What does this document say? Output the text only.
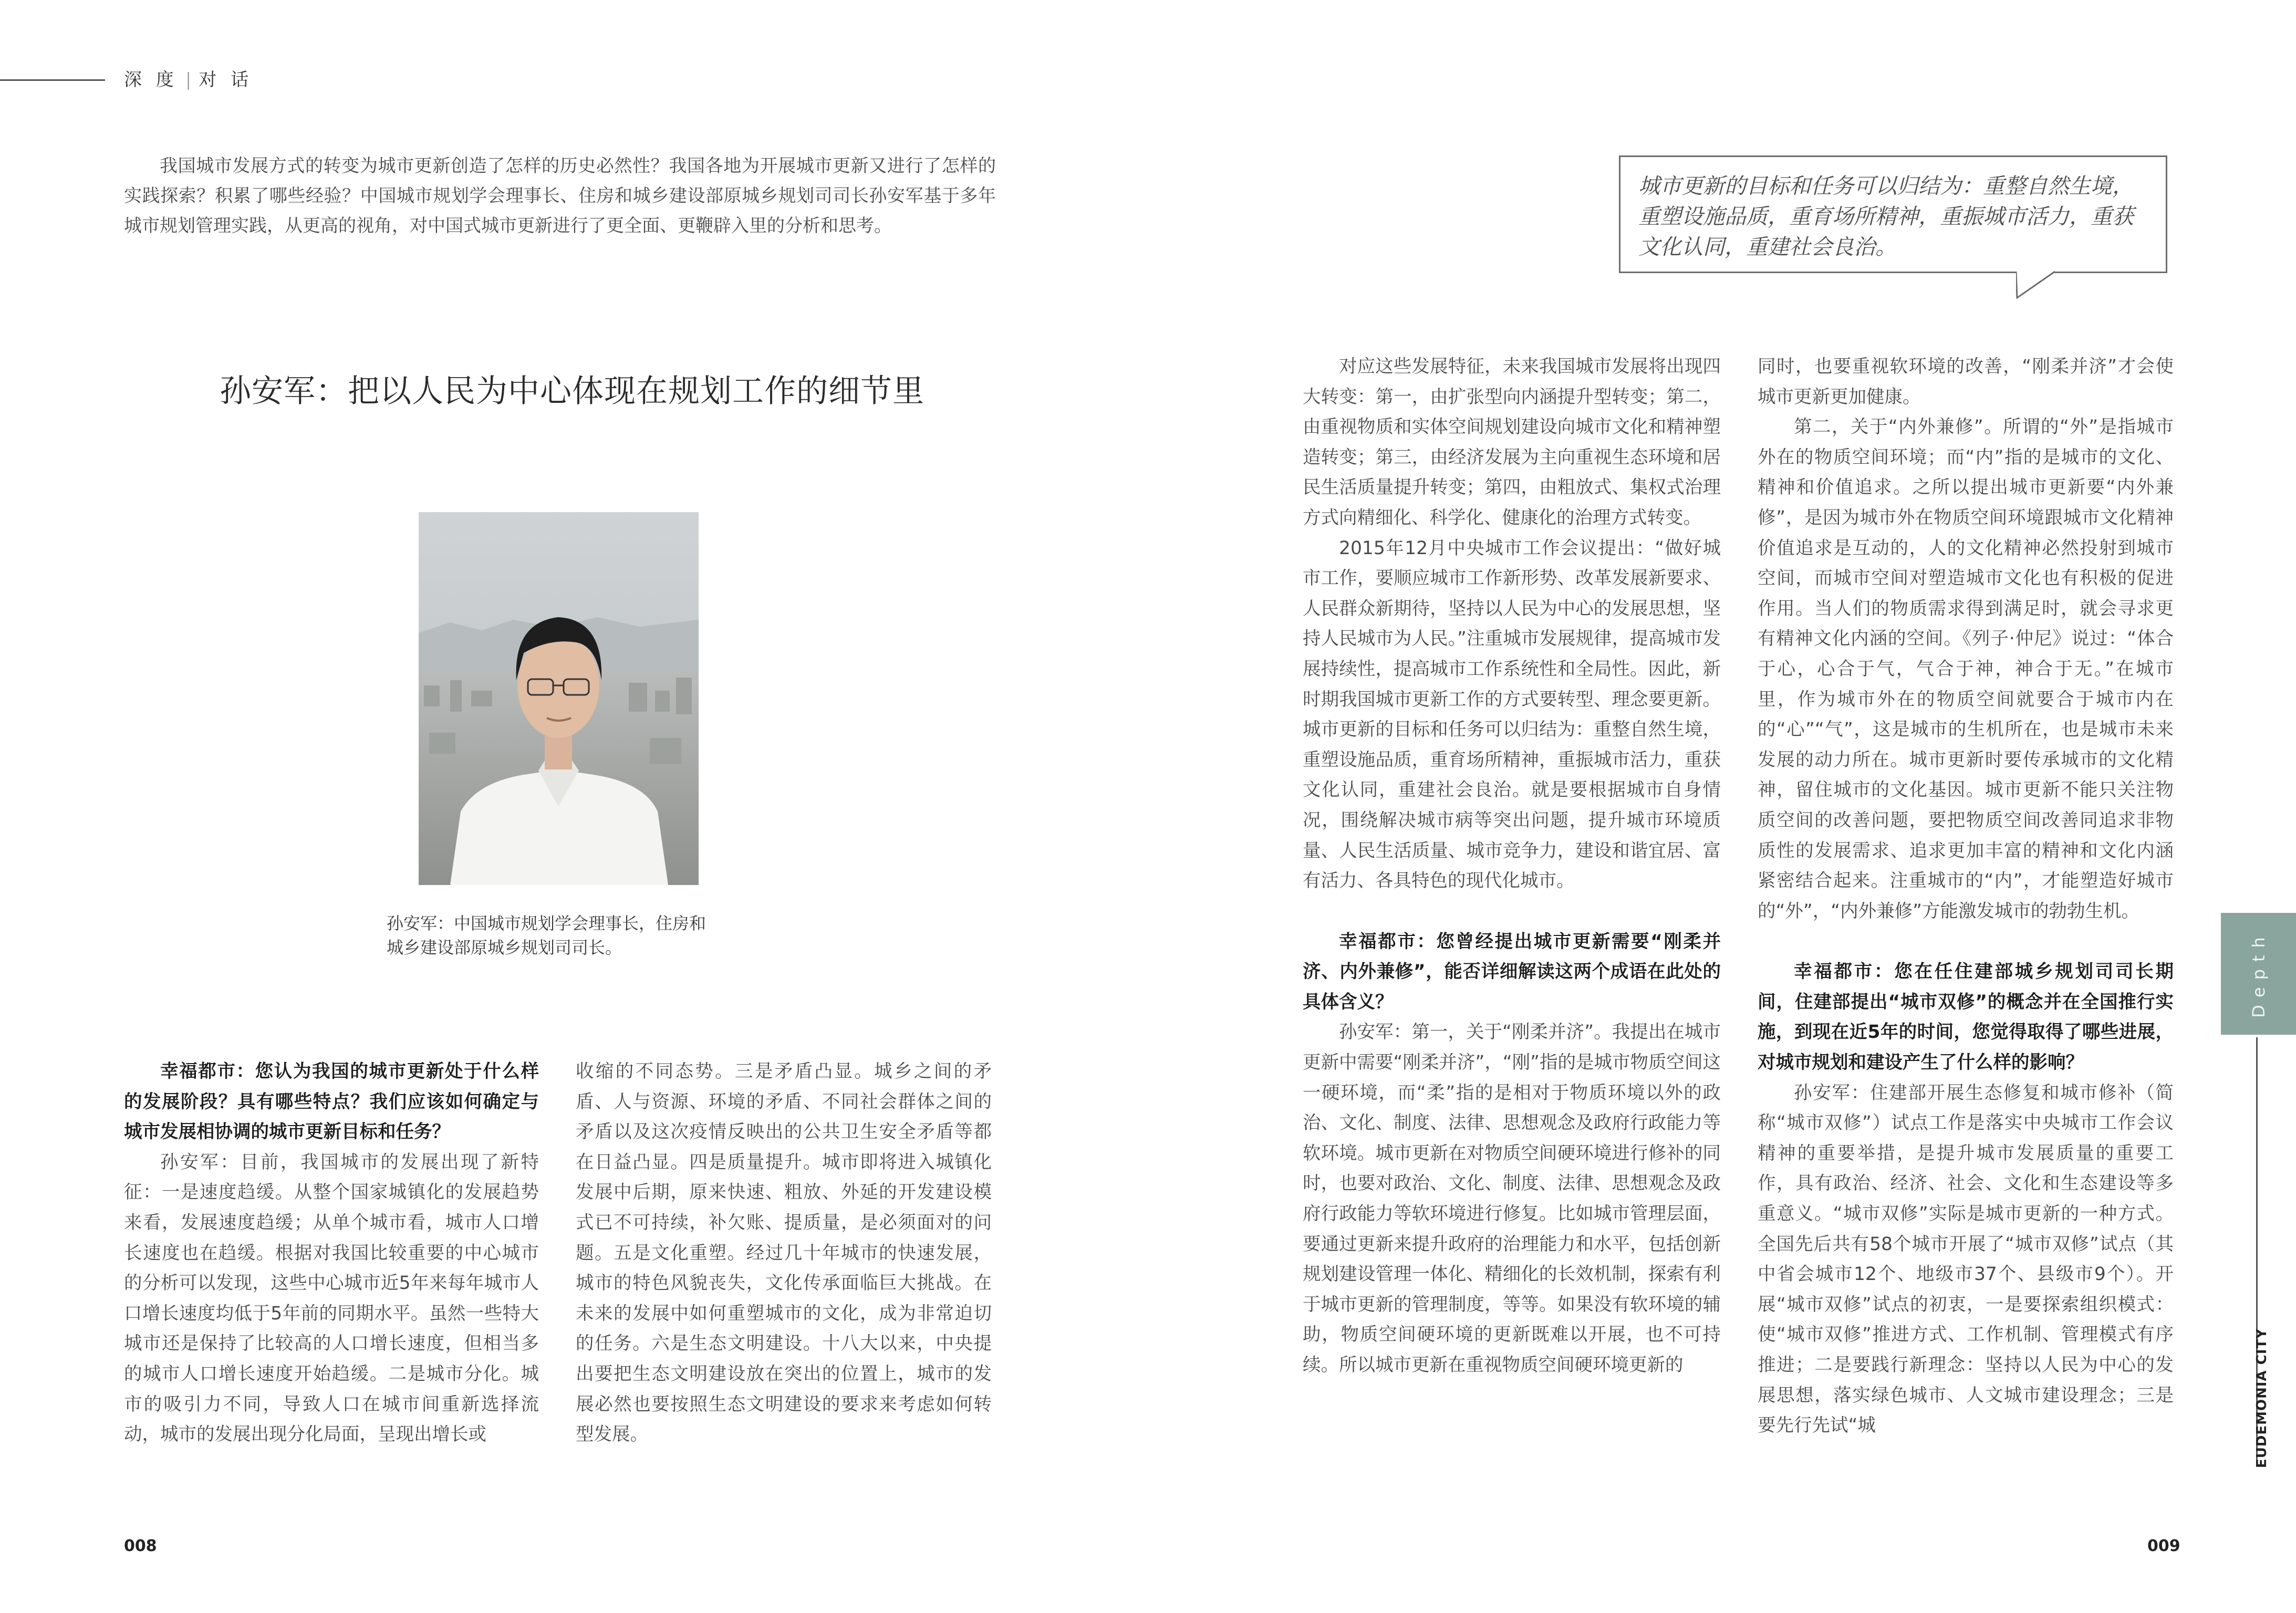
深 度 | 对 话

我国城市发展方式的转变为城市更新创造了怎样的历史必然性？我国各地为开展城市更新又进行了怎样的实践探索？积累了哪些经验？中国城市规划学会理事长、住房和城乡建设部原城乡规划司司长孙安军基于多年城市规划管理实践，从更高的视角，对中国式城市更新进行了更全面、更鞭辟入里的分析和思考。

城市更新的目标和任务可以归结为：重整自然生境，重塑设施品质，重育场所精神，重振城市活力，重获文化认同，重建社会良治。
孙安军：把以人民为中心体现在规划工作的细节里

孙安军：中国城市规划学会理事长，住房和

城乡建设部原城乡规划司司长。

幸福都市：您认为我国的城市更新处于什么样的发展阶段？具有哪些特点？我们应该如何确定与城市发展相协调的城市更新目标和任务？

孙安军：目前，我国城市的发展出现了新特征：一是速度趋缓。从整个国家城镇化的发展趋势来看，发展速度趋缓；从单个城市看，城市人口增长速度也在趋缓。根据对我国比较重要的中心城市的分析可以发现，这些中心城市近5年来每年城市人口增长速度均低于5年前的同期水平。虽然一些特大城市还是保持了比较高的人口增长速度，但相当多的城市人口增长速度开始趋缓。二是城市分化。城市的吸引力不同，导致人口在城市间重新选择流动，城市的发展出现分化局面，呈现出增长或

收缩的不同态势。三是矛盾凸显。城乡之间的矛盾、人与资源、环境的矛盾、不同社会群体之间的矛盾以及这次疫情反映出的公共卫生安全矛盾等都在日益凸显。四是质量提升。城市即将进入城镇化发展中后期，原来快速、粗放、外延的开发建设模式已不可持续，补欠账、提质量，是必须面对的问题。五是文化重塑。经过几十年城市的快速发展，城市的特色风貌丧失，文化传承面临巨大挑战。在未来的发展中如何重塑城市的文化，成为非常迫切的任务。六是生态文明建设。十八大以来，中央提出要把生态文明建设放在突出的位置上，城市的发展必然也要按照生态文明建设的要求来考虑如何转型发展。

对应这些发展特征，未来我国城市发展将出现四大转变：第一，由扩张型向内涵提升型转变；第二，由重视物质和实体空间规划建设向城市文化和精神塑造转变；第三，由经济发展为主向重视生态环境和居民生活质量提升转变；第四，由粗放式、集权式治理方式向精细化、科学化、健康化的治理方式转变。

2015年12月中央城市工作会议提出：“做好城市工作，要顺应城市工作新形势、改革发展新要求、人民群众新期待，坚持以人民为中心的发展思想，坚持人民城市为人民。”注重城市发展规律，提高城市发展持续性，提高城市工作系统性和全局性。因此，新时期我国城市更新工作的方式要转型、理念要更新。城市更新的目标和任务可以归结为：重整自然生境，重塑设施品质，重育场所精神，重振城市活力，重获文化认同，重建社会良治。就是要根据城市自身情况，围绕解决城市病等突出问题，提升城市环境质量、人民生活质量、城市竞争力，建设和谐宜居、富有活力、各具特色的现代化城市。

幸福都市：您曾经提出城市更新需要“刚柔并济、内外兼修”，能否详细解读这两个成语在此处的具体含义？

孙安军：第一，关于“刚柔并济”。我提出在城市更新中需要“刚柔并济”，“刚”指的是城市物质空间这一硬环境，而“柔”指的是相对于物质环境以外的政治、文化、制度、法律、思想观念及政府行政能力等软环境。城市更新在对物质空间硬环境进行修补的同时，也要对政治、文化、制度、法律、思想观念及政府行政能力等软环境进行修复。比如城市管理层面，要通过更新来提升政府的治理能力和水平，包括创新规划建设管理一体化、精细化的长效机制，探索有利于城市更新的管理制度，等等。如果没有软环境的辅助，物质空间硬环境的更新既难以开展，也不可持续。所以城市更新在重视物质空间硬环境更新的

同时，也要重视软环境的改善，“刚柔并济”才会使城市更新更加健康。

第二，关于“内外兼修”。所谓的“外”是指城市外在的物质空间环境；而“内”指的是城市的文化、精神和价值追求。之所以提出城市更新要“内外兼修”，是因为城市外在物质空间环境跟城市文化精神价值追求是互动的，人的文化精神必然投射到城市空间，而城市空间对塑造城市文化也有积极的促进作用。当人们的物质需求得到满足时，就会寻求更有精神文化内涵的空间。《列子·仲尼》说过：“体合于心，心合于气，气合于神，神合于无。”在城市里，作为城市外在的物质空间就要合于城市内在的“心”“气”，这是城市的生机所在，也是城市未来发展的动力所在。城市更新时要传承城市的文化精神，留住城市的文化基因。城市更新不能只关注物质空间的改善问题，要把物质空间改善同追求非物质性的发展需求、追求更加丰富的精神和文化内涵紧密结合起来。注重城市的“内”，才能塑造好城市的“外”，“内外兼修”方能激发城市的勃勃生机。

幸福都市：您在任住建部城乡规划司司长期间，住建部提出“城市双修”的概念并在全国推行实施，到现在近5年的时间，您觉得取得了哪些进展，对城市规划和建设产生了什么样的影响？

孙安军：住建部开展生态修复和城市修补（简称“城市双修”）试点工作是落实中央城市工作会议精神的重要举措，是提升城市发展质量的重要工作，具有政治、经济、社会、文化和生态建设等多重意义。“城市双修”实际是城市更新的一种方式。全国先后共有58个城市开展了“城市双修”试点（其中省会城市12个、地级市37个、县级市9个）。开展“城市双修”试点的初衷，一是要探索组织模式：使“城市双修”推进方式、工作机制、管理模式有序推进；二是要践行新理念：坚持以人民为中心的发展思想，落实绿色城市、人文城市建设理念；三是要先行先试“城

008	009
Depth
EUDEMONIA CITY
